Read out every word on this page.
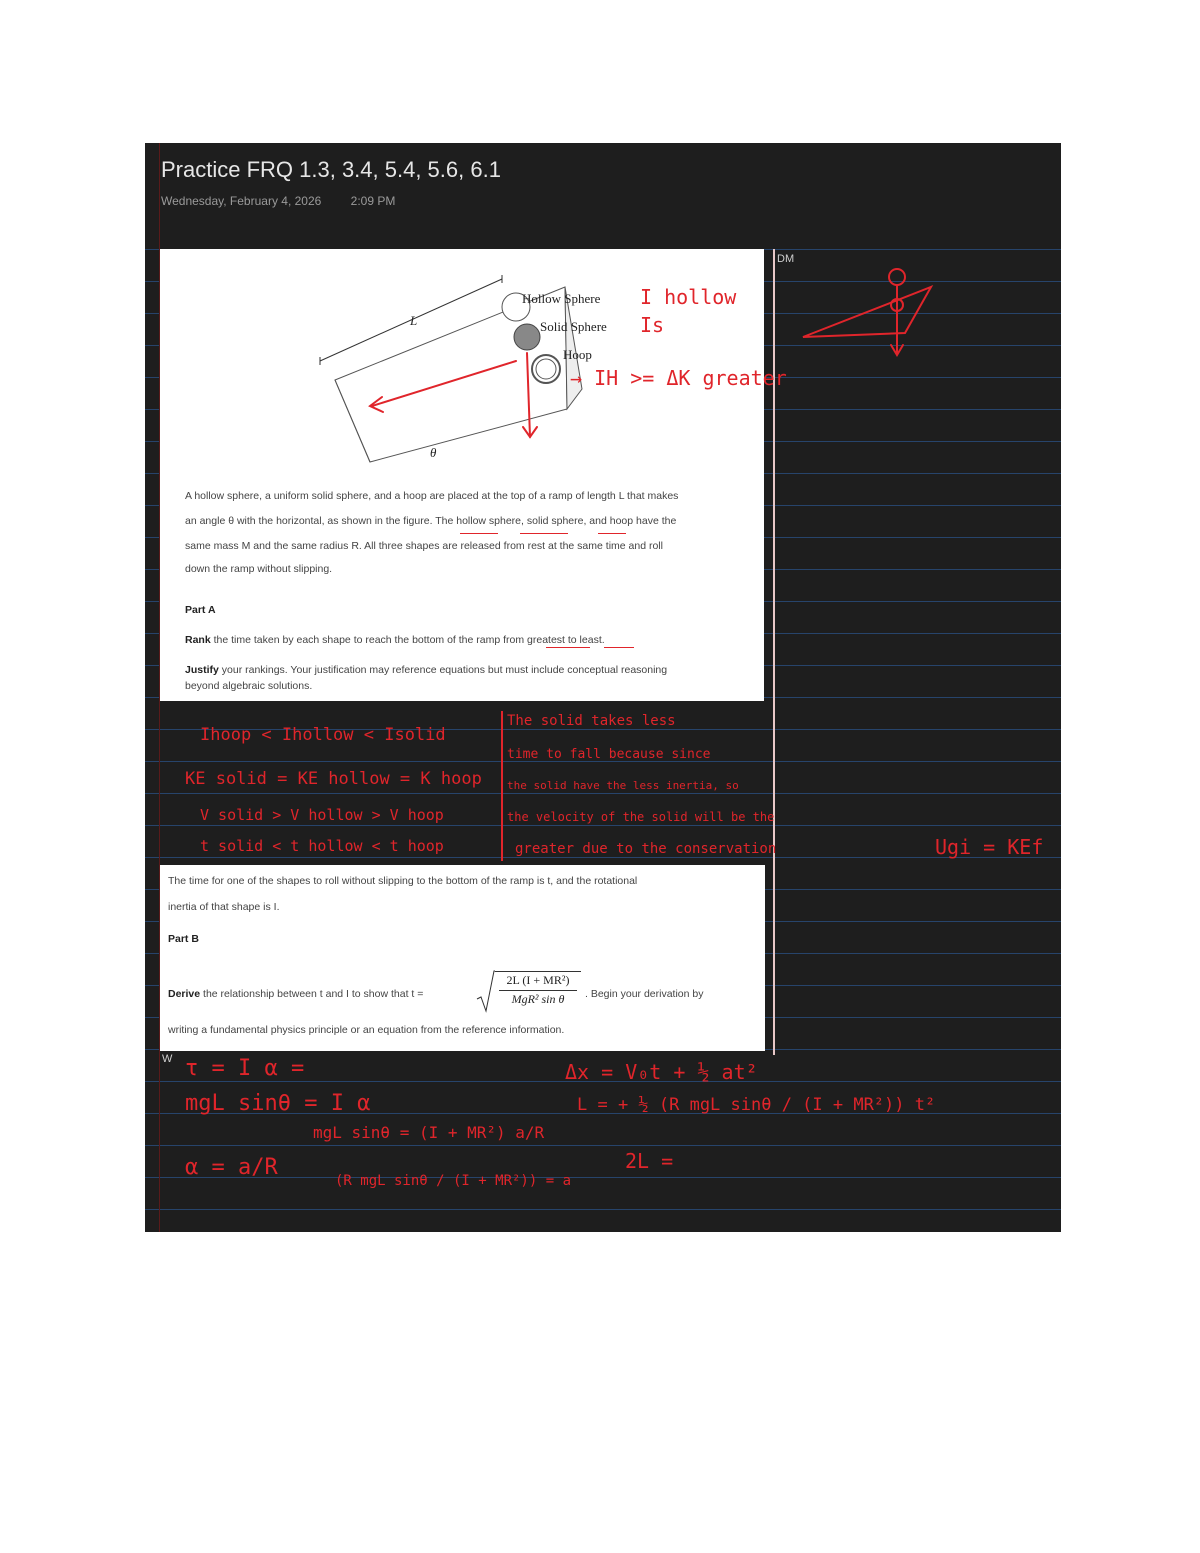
Practice FRQ 1.3, 3.4, 5.4, 5.6, 6.1
Wednesday, February 4, 2026 2:09 PM
DM
W
L
θ
Hollow Sphere
Solid Sphere
Hoop
A hollow sphere, a uniform solid sphere, and a hoop are placed at the top of a ramp of length L that makes
an angle θ with the horizontal, as shown in the figure. The hollow sphere, solid sphere, and hoop have the
same mass M and the same radius R. All three shapes are released from rest at the same time and roll
down the ramp without slipping.
Part A
Rank the time taken by each shape to reach the bottom of the ramp from greatest to least.
Justify your rankings. Your justification may reference equations but must include conceptual reasoning
beyond algebraic solutions.
The time for one of the shapes to roll without slipping to the bottom of the ramp is t, and the rotational
inertia of that shape is I.
Part B
Derive the relationship between t and I to show that t =
2L (I + MR²)
MgR² sin θ	. Begin your derivation by
writing a fundamental physics principle or an equation from the reference information.
I hollow
Is
→ IH >= ΔK greater
Ihoop < Ihollow < Isolid
KE solid = KE hollow = K hoop
V solid > V hollow > V hoop
t solid < t hollow < t hoop
The solid takes less
time to fall because since
the solid have the less inertia, so
the velocity of the solid will be the
greater due to the conservation	Ugi = KEf
τ = I α =
mgL sinθ = I α
mgL sinθ = (I + MR²) a/R
α = a/R
(R mgL sinθ / (I + MR²)) = a
Δx = V₀t + ½ at²
L = + ½ (R mgL sinθ / (I + MR²)) t²
2L =
